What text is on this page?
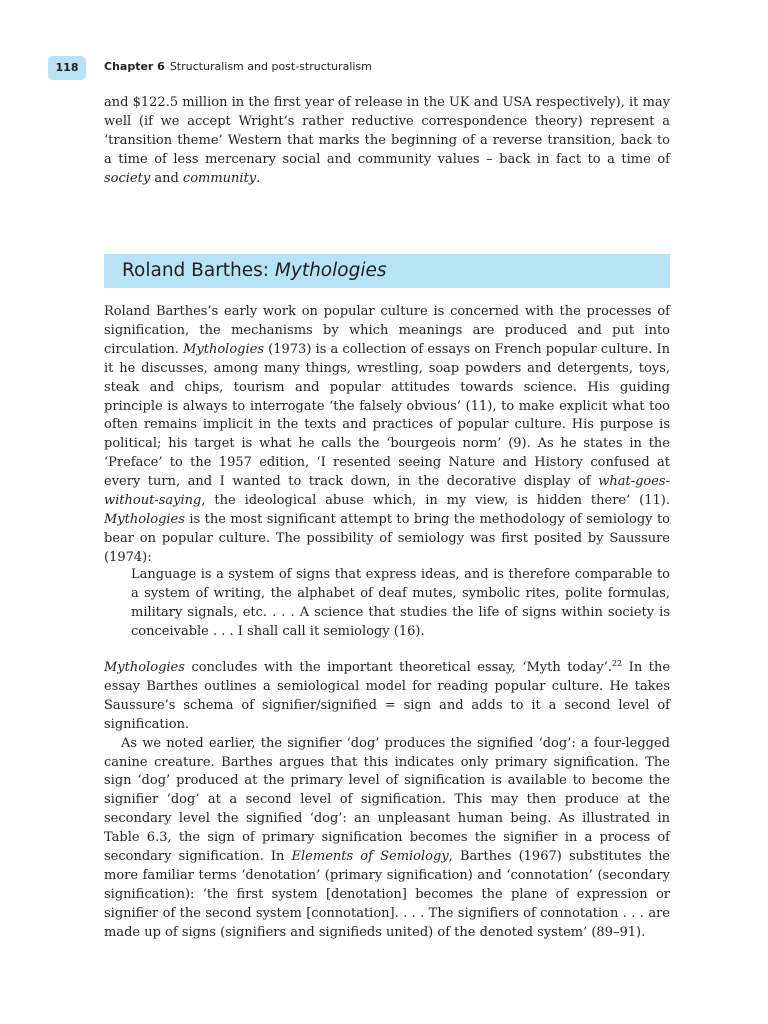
118	Chapter 6 Structuralism and post-structuralism

and $122.5 million in the first year of release in the UK and USA respectively), it may well (if we accept Wright’s rather reductive correspondence theory) represent a ‘transition theme’ Western that marks the beginning of a reverse transition, back to a time of less mercenary social and community values – back in fact to a time of society and community.

Roland Barthes: Mythologies

Roland Barthes’s early work on popular culture is concerned with the processes of signification, the mechanisms by which meanings are produced and put into circulation. Mythologies (1973) is a collection of essays on French popular culture. In it he discusses, among many things, wrestling, soap powders and detergents, toys, steak and chips, tourism and popular attitudes towards science. His guiding principle is always to interrogate ‘the falsely obvious’ (11), to make explicit what too often remains implicit in the texts and practices of popular culture. His purpose is political; his target is what he calls the ‘bourgeois norm’ (9). As he states in the ‘Preface’ to the 1957 edition, ‘I resented seeing Nature and History confused at every turn, and I wanted to track down, in the decorative display of what-goes-without-saying, the ideological abuse which, in my view, is hidden there’ (11). Mythologies is the most significant attempt to bring the methodology of semiology to bear on popular culture. The possibility of semiology was first posited by Saussure (1974):

Language is a system of signs that express ideas, and is therefore comparable to a system of writing, the alphabet of deaf mutes, symbolic rites, polite formulas, military signals, etc. . . . A science that studies the life of signs within society is conceivable . . . I shall call it semiology (16).

Mythologies concludes with the important theoretical essay, ‘Myth today’.$^{22}$ In the essay Barthes outlines a semiological model for reading popular culture. He takes Saussure’s schema of signifier/signified = sign and adds to it a second level of signification.

As we noted earlier, the signifier ‘dog’ produces the signified ‘dog’: a four-legged canine creature. Barthes argues that this indicates only primary signification. The sign ‘dog’ produced at the primary level of signification is available to become the signifier ‘dog’ at a second level of signification. This may then produce at the secondary level the signified ‘dog’: an unpleasant human being. As illustrated in Table 6.3, the sign of primary signification becomes the signifier in a process of secondary signification. In Elements of Semiology, Barthes (1967) substitutes the more familiar terms ‘denotation’ (primary signification) and ‘connotation’ (secondary signification): ‘the first system [denotation] becomes the plane of expression or signifier of the second system [connotation]. . . . The signifiers of connotation . . . are made up of signs (signifiers and signifieds united) of the denoted system’ (89–91).
